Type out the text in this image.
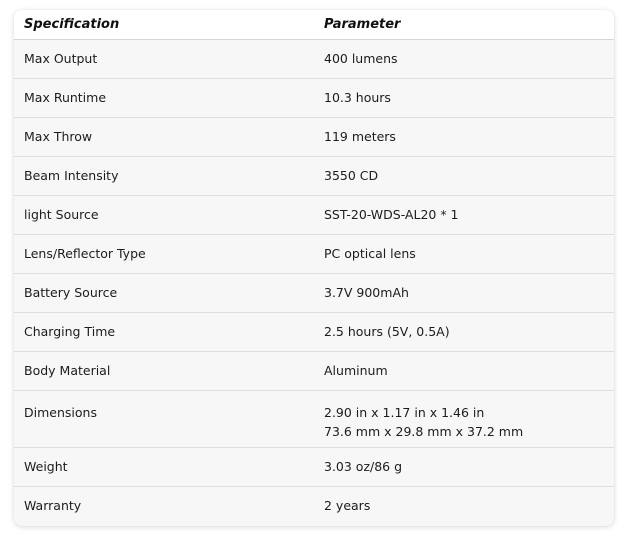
Specification	Parameter
Max Output	400 lumens

Max Runtime	10.3 hours

Max Throw	119 meters

Beam Intensity	3550 CD

light Source	SST-20-WDS-AL20 * 1

Lens/Reflector Type	PC optical lens

Battery Source	3.7V 900mAh

Charging Time	2.5 hours (5V, 0.5A)

Body Material	Aluminum

Dimensions	2.90 in x 1.17 in x 1.46 in
73.6 mm x 29.8 mm x 37.2 mm

Weight	3.03 oz/86 g

Warranty	2 years
